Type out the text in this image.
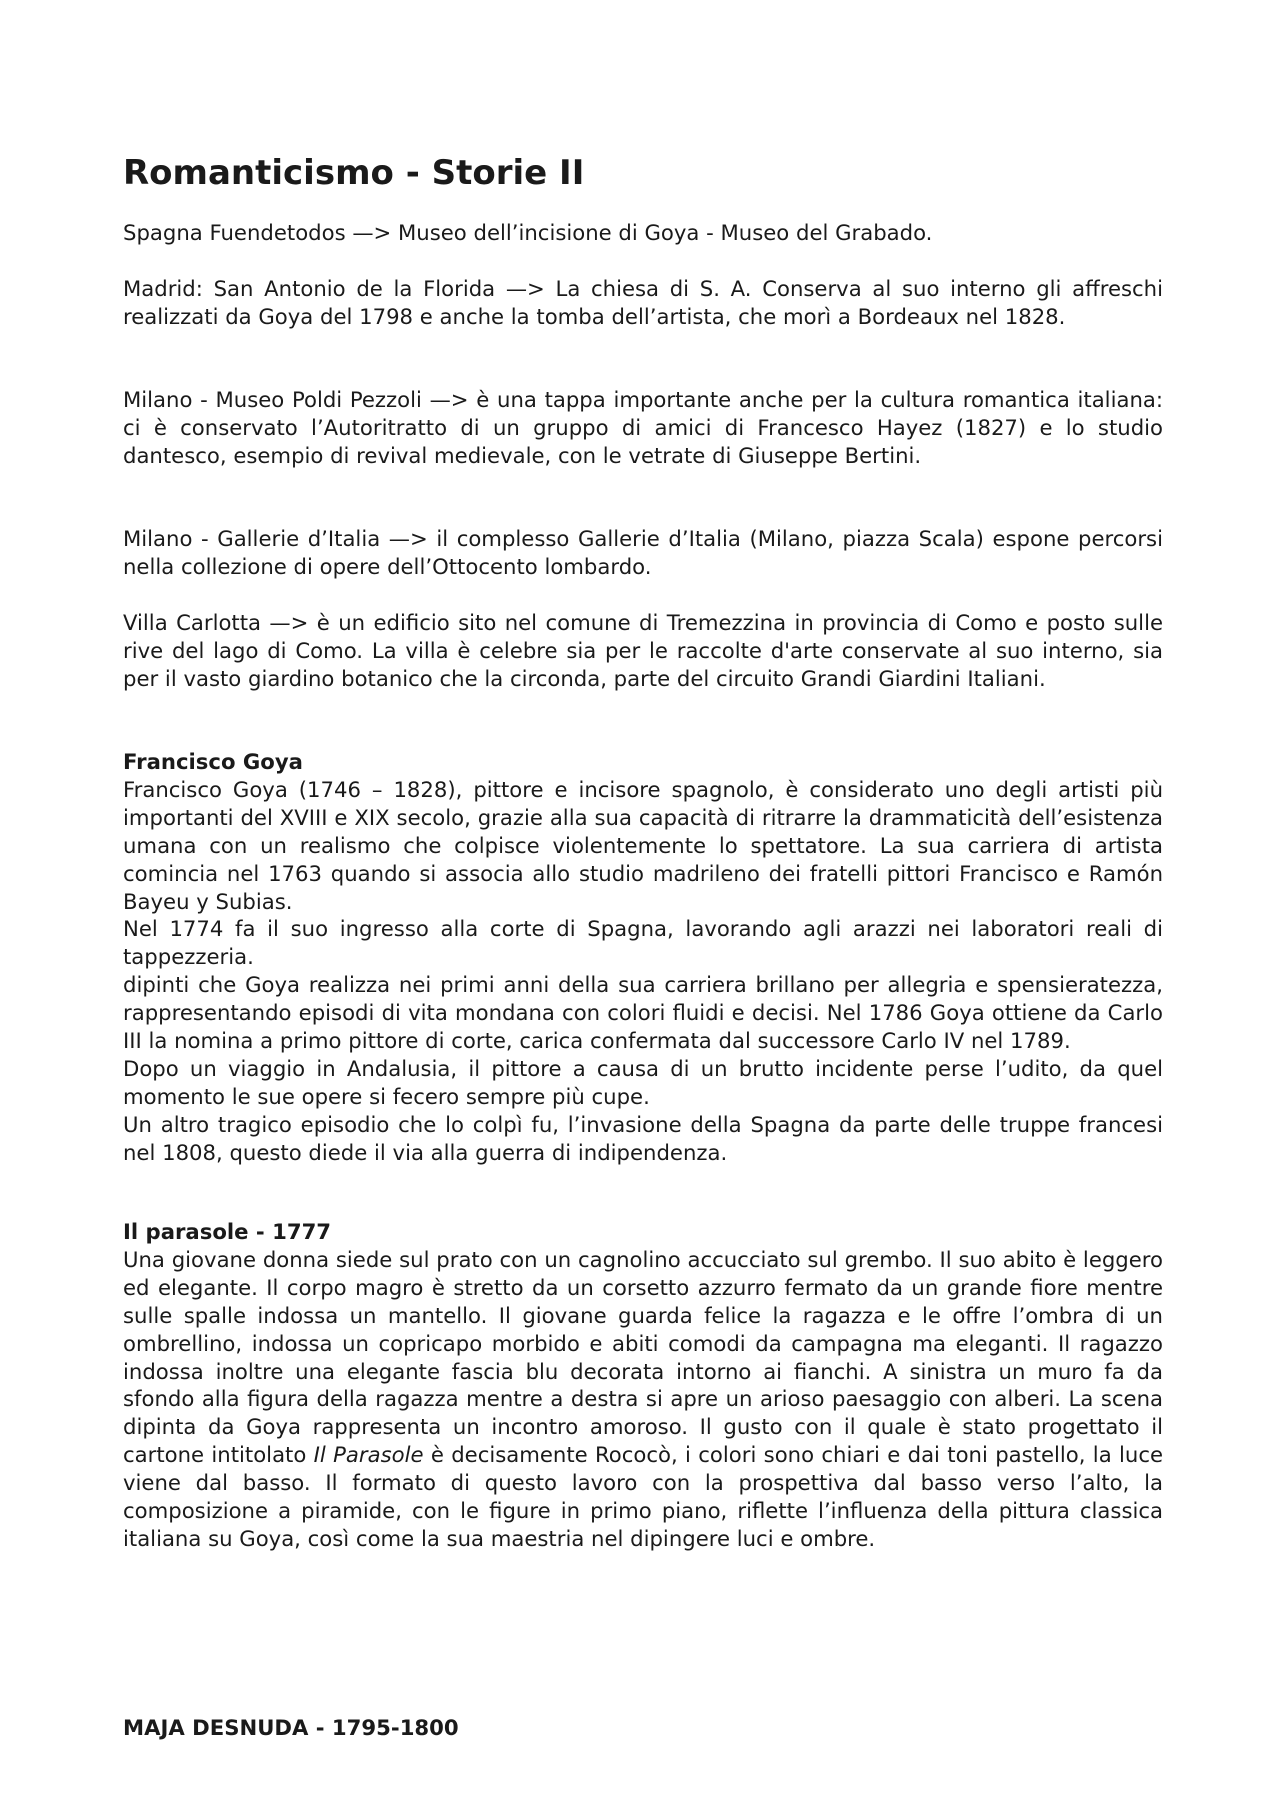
Romanticismo - Storie II

Spagna Fuendetodos —> Museo dell’incisione di Goya - Museo del Grabado.

Madrid: San Antonio de la Florida —> La chiesa di S. A. Conserva al suo interno gli affreschi realizzati da Goya del 1798 e anche la tomba dell’artista, che morì a Bordeaux nel 1828.

Milano - Museo Poldi Pezzoli —> è una tappa importante anche per la cultura romantica italiana: ci è conservato l’Autoritratto di un gruppo di amici di Francesco Hayez (1827) e lo studio dantesco, esempio di revival medievale, con le vetrate di Giuseppe Bertini.

Milano - Gallerie d’Italia —> il complesso Gallerie d’Italia (Milano, piazza Scala) espone percorsi nella collezione di opere dell’Ottocento lombardo.

Villa Carlotta —> è un edificio sito nel comune di Tremezzina in provincia di Como e posto sulle rive del lago di Como. La villa è celebre sia per le raccolte d'arte conservate al suo interno, sia per il vasto giardino botanico che la circonda, parte del circuito Grandi Giardini Italiani.

Francisco Goya
Francisco Goya (1746 – 1828), pittore e incisore spagnolo, è considerato uno degli artisti più importanti del XVIII e XIX secolo, grazie alla sua capacità di ritrarre la drammaticità dell’esistenza umana con un realismo che colpisce violentemente lo spettatore. La sua carriera di artista comincia nel 1763 quando si associa allo studio madrileno dei fratelli pittori Francisco e Ramón Bayeu y Subias.
Nel 1774 fa il suo ingresso alla corte di Spagna, lavorando agli arazzi nei laboratori reali di tappezzeria.
dipinti che Goya realizza nei primi anni della sua carriera brillano per allegria e spensieratezza, rappresentando episodi di vita mondana con colori fluidi e decisi. Nel 1786 Goya ottiene da Carlo III la nomina a primo pittore di corte, carica confermata dal successore Carlo IV nel 1789.
Dopo un viaggio in Andalusia, il pittore a causa di un brutto incidente perse l’udito, da quel momento le sue opere si fecero sempre più cupe.
Un altro tragico episodio che lo colpì fu, l’invasione della Spagna da parte delle truppe francesi nel 1808, questo diede il via alla guerra di indipendenza.
Il parasole - 1777
Una giovane donna siede sul prato con un cagnolino accucciato sul grembo. Il suo abito è leggero ed elegante. Il corpo magro è stretto da un corsetto azzurro fermato da un grande fiore mentre sulle spalle indossa un mantello. Il giovane guarda felice la ragazza e le offre l’ombra di un ombrellino, indossa un copricapo morbido e abiti comodi da campagna ma eleganti. Il ragazzo indossa inoltre una elegante fascia blu decorata intorno ai fianchi. A sinistra un muro fa da sfondo alla figura della ragazza mentre a destra si apre un arioso paesaggio con alberi. La scena dipinta da Goya rappresenta un incontro amoroso. Il gusto con il quale è stato progettato il cartone intitolato Il Parasole è decisamente Rococò, i colori sono chiari e dai toni pastello, la luce viene dal basso. Il formato di questo lavoro con la prospettiva dal basso verso l’alto, la composizione a piramide, con le figure in primo piano, riflette l’influenza della pittura classica italiana su Goya, così come la sua maestria nel dipingere luci e ombre.

MAJA DESNUDA - 1795-1800
